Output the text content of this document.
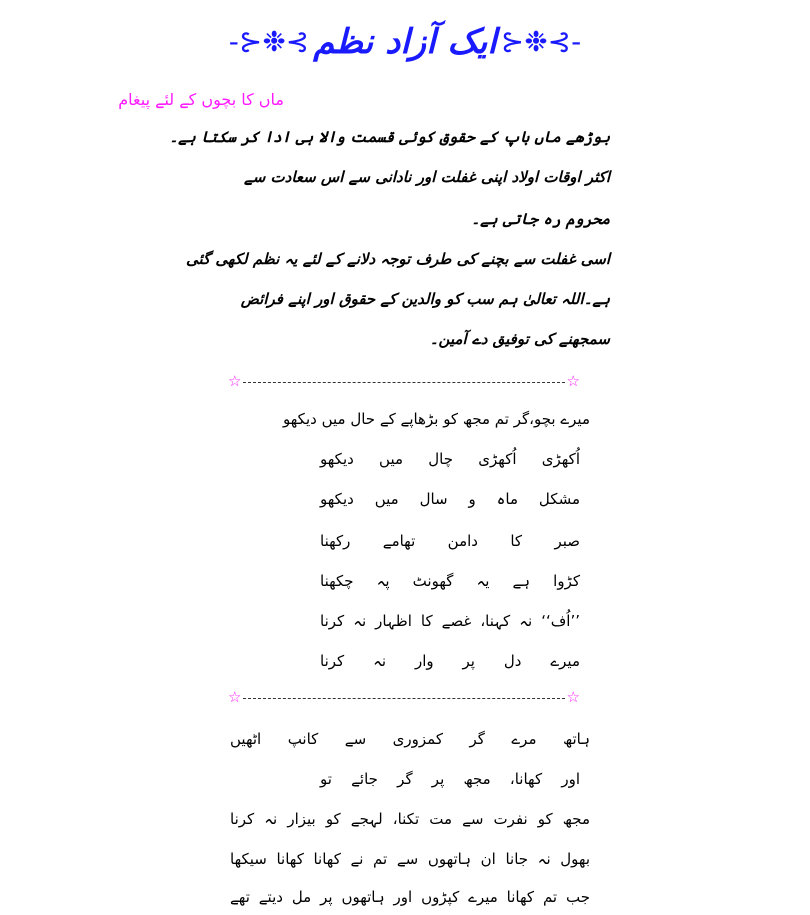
-⊱❉⊰ ایک آزاد نظم ⊱❉⊰-
ماں کا بچوں کے لئے پیغام
بوڑھے ماں باپ کے حقوق کوئی قسمت والا ہی ادا کر سکتا ہے۔
اکثر اوقات اولاد اپنی غفلت اور نادانی سے اس سعادت سے
محروم رہ جاتی ہے۔
اسی غفلت سے بچنے کی طرف توجہ دلانے کے لئے یہ نظم لکھی گئی
ہے۔اللہ تعالیٰ ہم سب کو والدین کے حقوق اور اپنے فرائض
سمجھنے کی توفیق دے آمین۔
☆	☆
میرے بچو،گر تم مجھ کو بڑھاپے کے حال میں دیکھو
اُکھڑی اُکھڑی چال میں دیکھو
مشکل ماہ و سال میں دیکھو
صبر کا دامن تھامے رکھنا
کڑوا ہے یہ گھونٹ پہ چکھنا
’’اُف‘‘ نہ کہنا، غصے کا اظہار نہ کرنا
میرے دل پر وار نہ کرنا
☆	☆
ہاتھ مرے گر کمزوری سے کانپ اٹھیں
اور کھانا، مجھ پر گر جائے تو
مجھ کو نفرت سے مت تکنا، لہجے کو بیزار نہ کرنا
بھول نہ جانا ان ہاتھوں سے تم نے کھانا کھانا سیکھا
جب تم کھانا میرے کپڑوں اور ہاتھوں پر مل دیتے تھے
